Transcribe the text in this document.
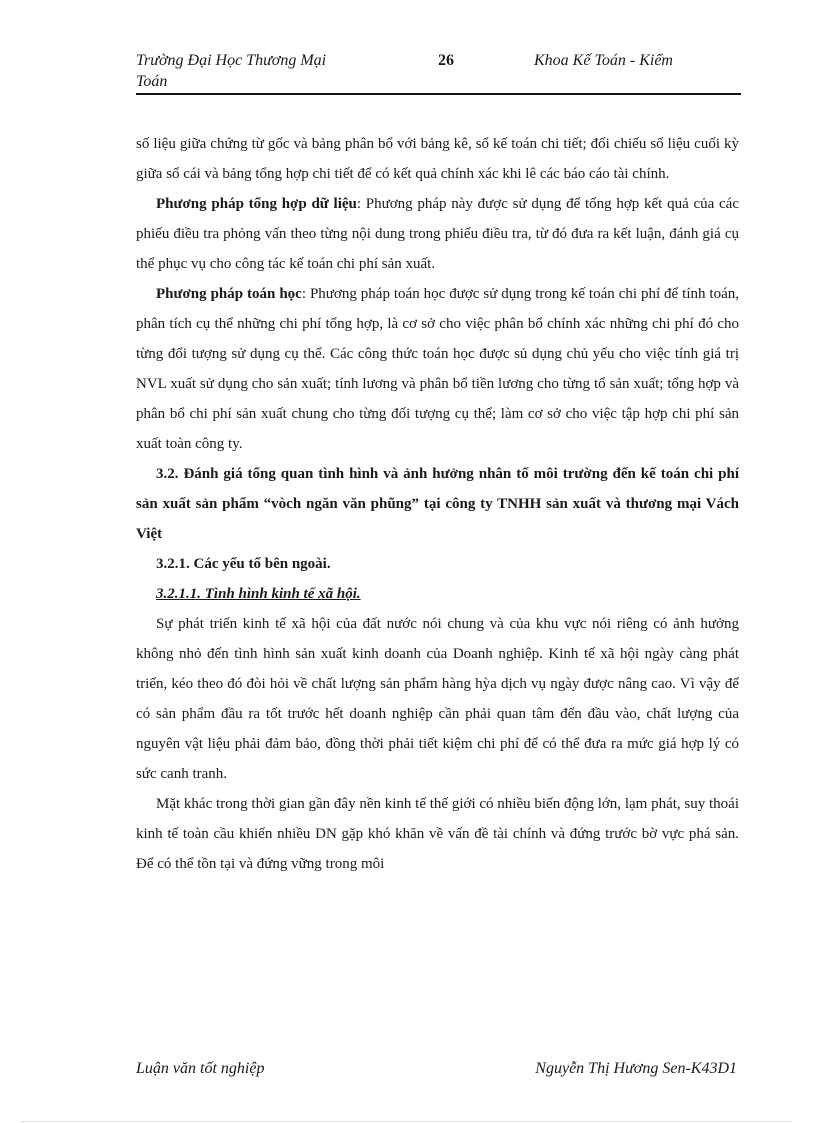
Trường Đại Học Thương Mại	26	Khoa Kế Toán - Kiểm
Toán

số liệu giữa chứng từ gốc và bảng phân bổ với bảng kê, sổ kế toán chi tiết; đối chiếu số liệu cuối kỳ giữa sổ cái và bảng tổng hợp chi tiết để có kết quả chính xác khi lê các báo cáo tài chính.

Phương pháp tổng hợp dữ liệu: Phương pháp này được sử dụng để tổng hợp kết quả của các phiếu điều tra phỏng vấn theo từng nội dung trong phiếu điều tra, từ đó đưa ra kết luận, đánh giá cụ thể phục vụ cho công tác kế toán chi phí sản xuất.

Phương pháp toán học: Phương pháp toán học được sử dụng trong kế toán chi phí để tính toán, phân tích cụ thể những chi phí tổng hợp, là cơ sở cho việc phân bổ chính xác những chi phí đó cho từng đối tượng sử dụng cụ thể. Các công thức toán học được sủ dụng chủ yếu cho việc tính giá trị NVL xuất sử dụng cho sản xuất; tính lương và phân bổ tiền lương cho từng tổ sản xuất; tổng hợp và phân bổ chi phí sản xuất chung cho từng đối tượng cụ thể; làm cơ sở cho việc tập hợp chi phí sản xuất toàn công ty.

3.2. Đánh giá tổng quan tình hình và ảnh hưởng nhân tố môi trường đến kế toán chi phí sản xuất sản phẩm “vòch ngăn văn phũng” tại công ty TNHH sản xuất và thương mại Vách Việt

3.2.1. Các yếu tố bên ngoài.

3.2.1.1. Tình hình kinh tế xã hội.

Sự phát triển kinh tế xã hội của đất nước nói chung và của khu vực nói riêng có ảnh hưởng không nhỏ đến tình hình sản xuất kinh doanh của Doanh nghiệp. Kinh tế xã hội ngày càng phát triển, kéo theo đó đòi hỏi về chất lượng sản phẩm hàng hỳa dịch vụ ngày được nâng cao. Vì vậy để có sản phẩm đầu ra tốt trước hết doanh nghiệp cần phải quan tâm đến đầu vào, chất lượng của nguyên vật liệu phải đảm bảo, đồng thời phải tiết kiệm chi phí để có thể đưa ra mức giá hợp lý có sức canh tranh.

Mặt khác trong thời gian gần đây nền kinh tế thế giới có nhiều biến động lớn, lạm phát, suy thoái kinh tế toàn cầu khiến nhiều DN gặp khó khăn về vấn đề tài chính và đứng trước bờ vực phá sản. Để có thể tồn tại và đứng vững trong môi

Luận văn tốt nghiệp	Nguyễn Thị Hương Sen-K43D1
